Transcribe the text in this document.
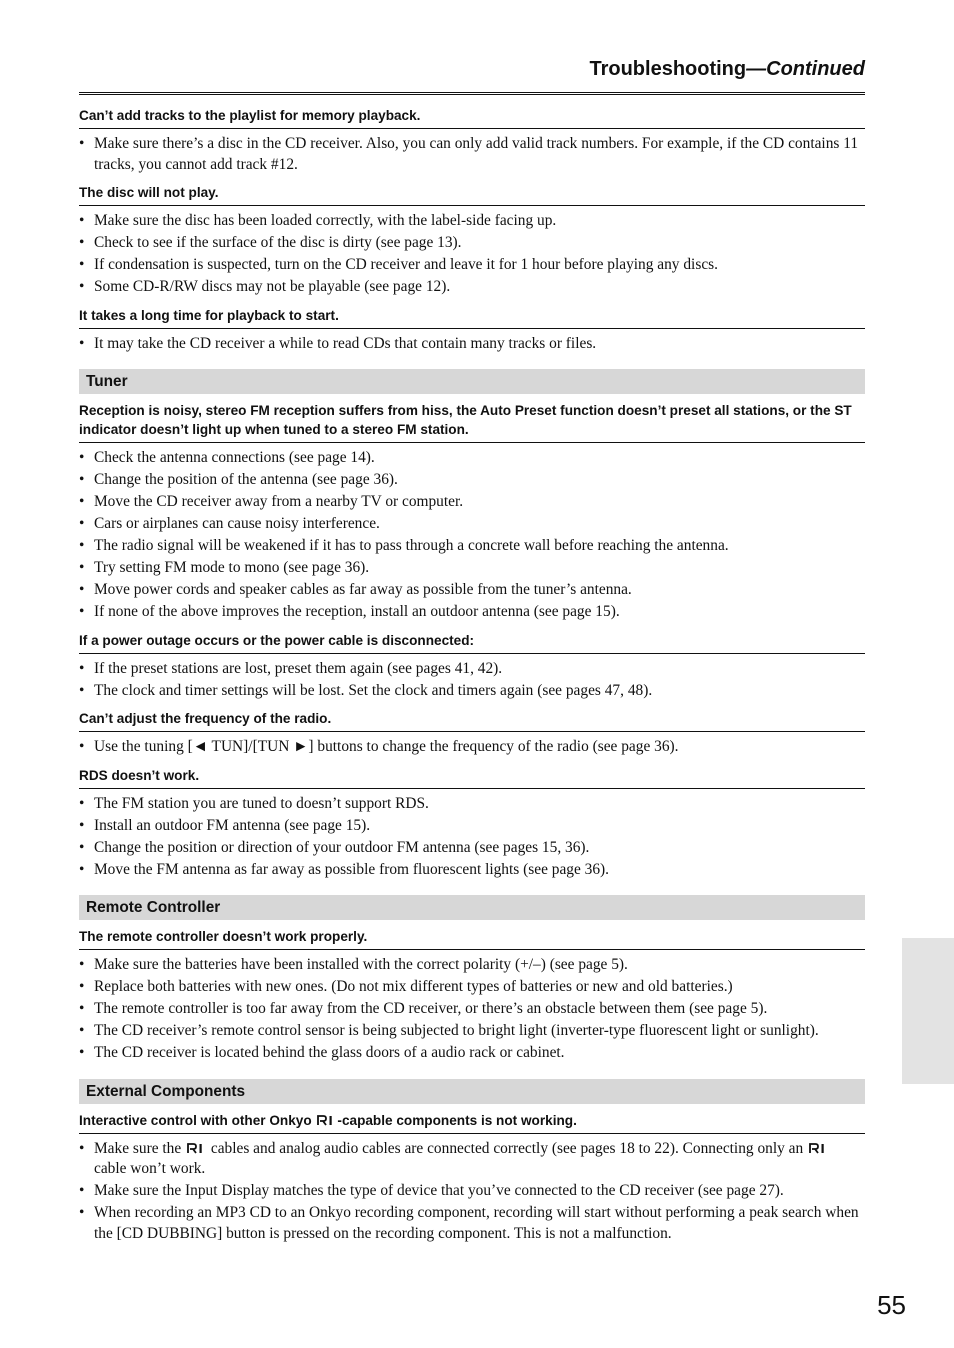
Troubleshooting—Continued
Can’t add tracks to the playlist for memory playback.
• Make sure there’s a disc in the CD receiver. Also, you can only add valid track numbers. For example, if the CD contains 11 tracks, you cannot add track #12.
The disc will not play.
• Make sure the disc has been loaded correctly, with the label-side facing up.
• Check to see if the surface of the disc is dirty (see page 13).
• If condensation is suspected, turn on the CD receiver and leave it for 1 hour before playing any discs.
• Some CD-R/RW discs may not be playable (see page 12).
It takes a long time for playback to start.
• It may take the CD receiver a while to read CDs that contain many tracks or files.
Tuner
Reception is noisy, stereo FM reception suffers from hiss, the Auto Preset function doesn’t preset all stations, or the ST indicator doesn’t light up when tuned to a stereo FM station.
• Check the antenna connections (see page 14).
• Change the position of the antenna (see page 36).
• Move the CD receiver away from a nearby TV or computer.
• Cars or airplanes can cause noisy interference.
• The radio signal will be weakened if it has to pass through a concrete wall before reaching the antenna.
• Try setting FM mode to mono (see page 36).
• Move power cords and speaker cables as far away as possible from the tuner’s antenna.
• If none of the above improves the reception, install an outdoor antenna (see page 15).
If a power outage occurs or the power cable is disconnected:
• If the preset stations are lost, preset them again (see pages 41, 42).
• The clock and timer settings will be lost. Set the clock and timers again (see pages 47, 48).
Can’t adjust the frequency of the radio.
• Use the tuning [◄ TUN]/[TUN ►] buttons to change the frequency of the radio (see page 36).
RDS doesn’t work.
• The FM station you are tuned to doesn’t support RDS.
• Install an outdoor FM antenna (see page 15).
• Change the position or direction of your outdoor FM antenna (see pages 15, 36).
• Move the FM antenna as far away as possible from fluorescent lights (see page 36).
Remote Controller
The remote controller doesn’t work properly.
• Make sure the batteries have been installed with the correct polarity (+/–) (see page 5).
• Replace both batteries with new ones. (Do not mix different types of batteries or new and old batteries.)
• The remote controller is too far away from the CD receiver, or there’s an obstacle between them (see page 5).
• The CD receiver’s remote control sensor is being subjected to bright light (inverter-type fluorescent light or sunlight).
• The CD receiver is located behind the glass doors of a audio rack or cabinet.
External Components
Interactive control with other Onkyo -capable components is not working.
• Make sure the  cables and analog audio cables are connected correctly (see pages 18 to 22). Connecting only an  cable won’t work.
• Make sure the Input Display matches the type of device that you’ve connected to the CD receiver (see page 27).
• When recording an MP3 CD to an Onkyo recording component, recording will start without performing a peak search when the [CD DUBBING] button is pressed on the recording component. This is not a malfunction.
55
